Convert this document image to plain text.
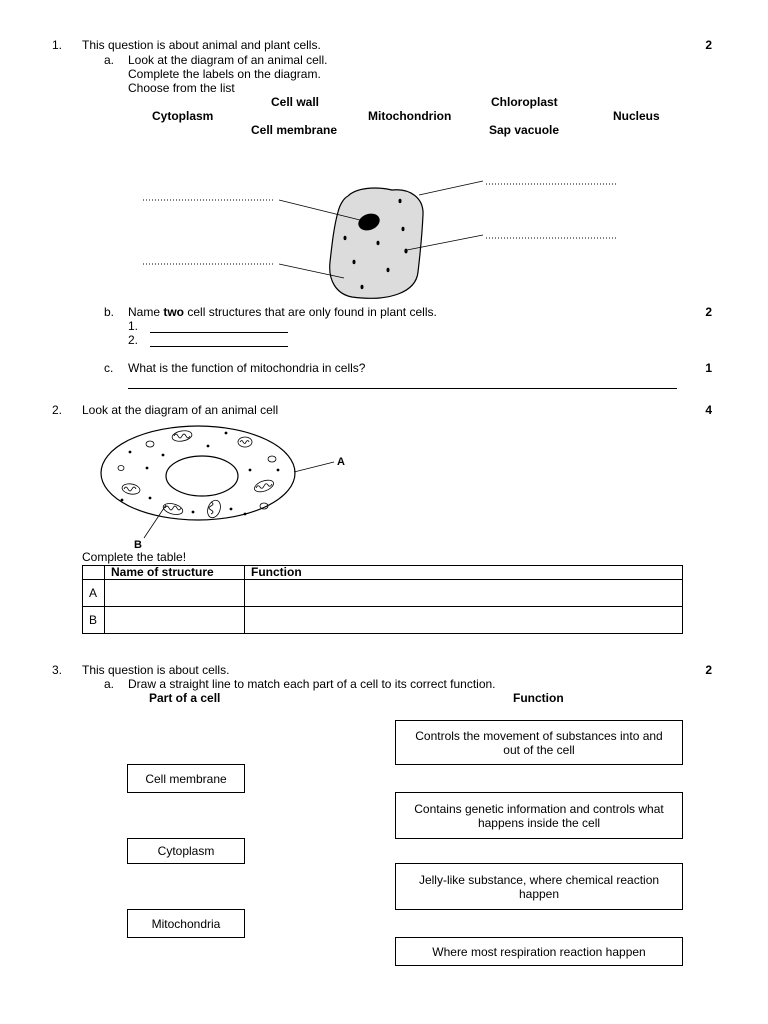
1. This question is about animal and plant cells.	2
a. Look at the diagram of an animal cell.
Complete the labels on the diagram.
Choose from the list
Cell wall	Chloroplast
Cytoplasm	Mitochondrion	Nucleus
Cell membrane	Sap vacuole
b. Name two cell structures that are only found in plant cells.	2
1.
2.
c. What is the function of mitochondria in cells?	1
2. Look at the diagram of an animal cell	4
A
B
Complete the table!
	Name of structure	Function
A		
B		
3. This question is about cells.	2
a. Draw a straight line to match each part of a cell to its correct function.
Part of a cell	Function
Cell membrane
Cytoplasm
Mitochondria
Controls the movement of substances into and out of the cell
Contains genetic information and controls what happens inside the cell
Jelly-like substance, where chemical reaction happen
Where most respiration reaction happen
